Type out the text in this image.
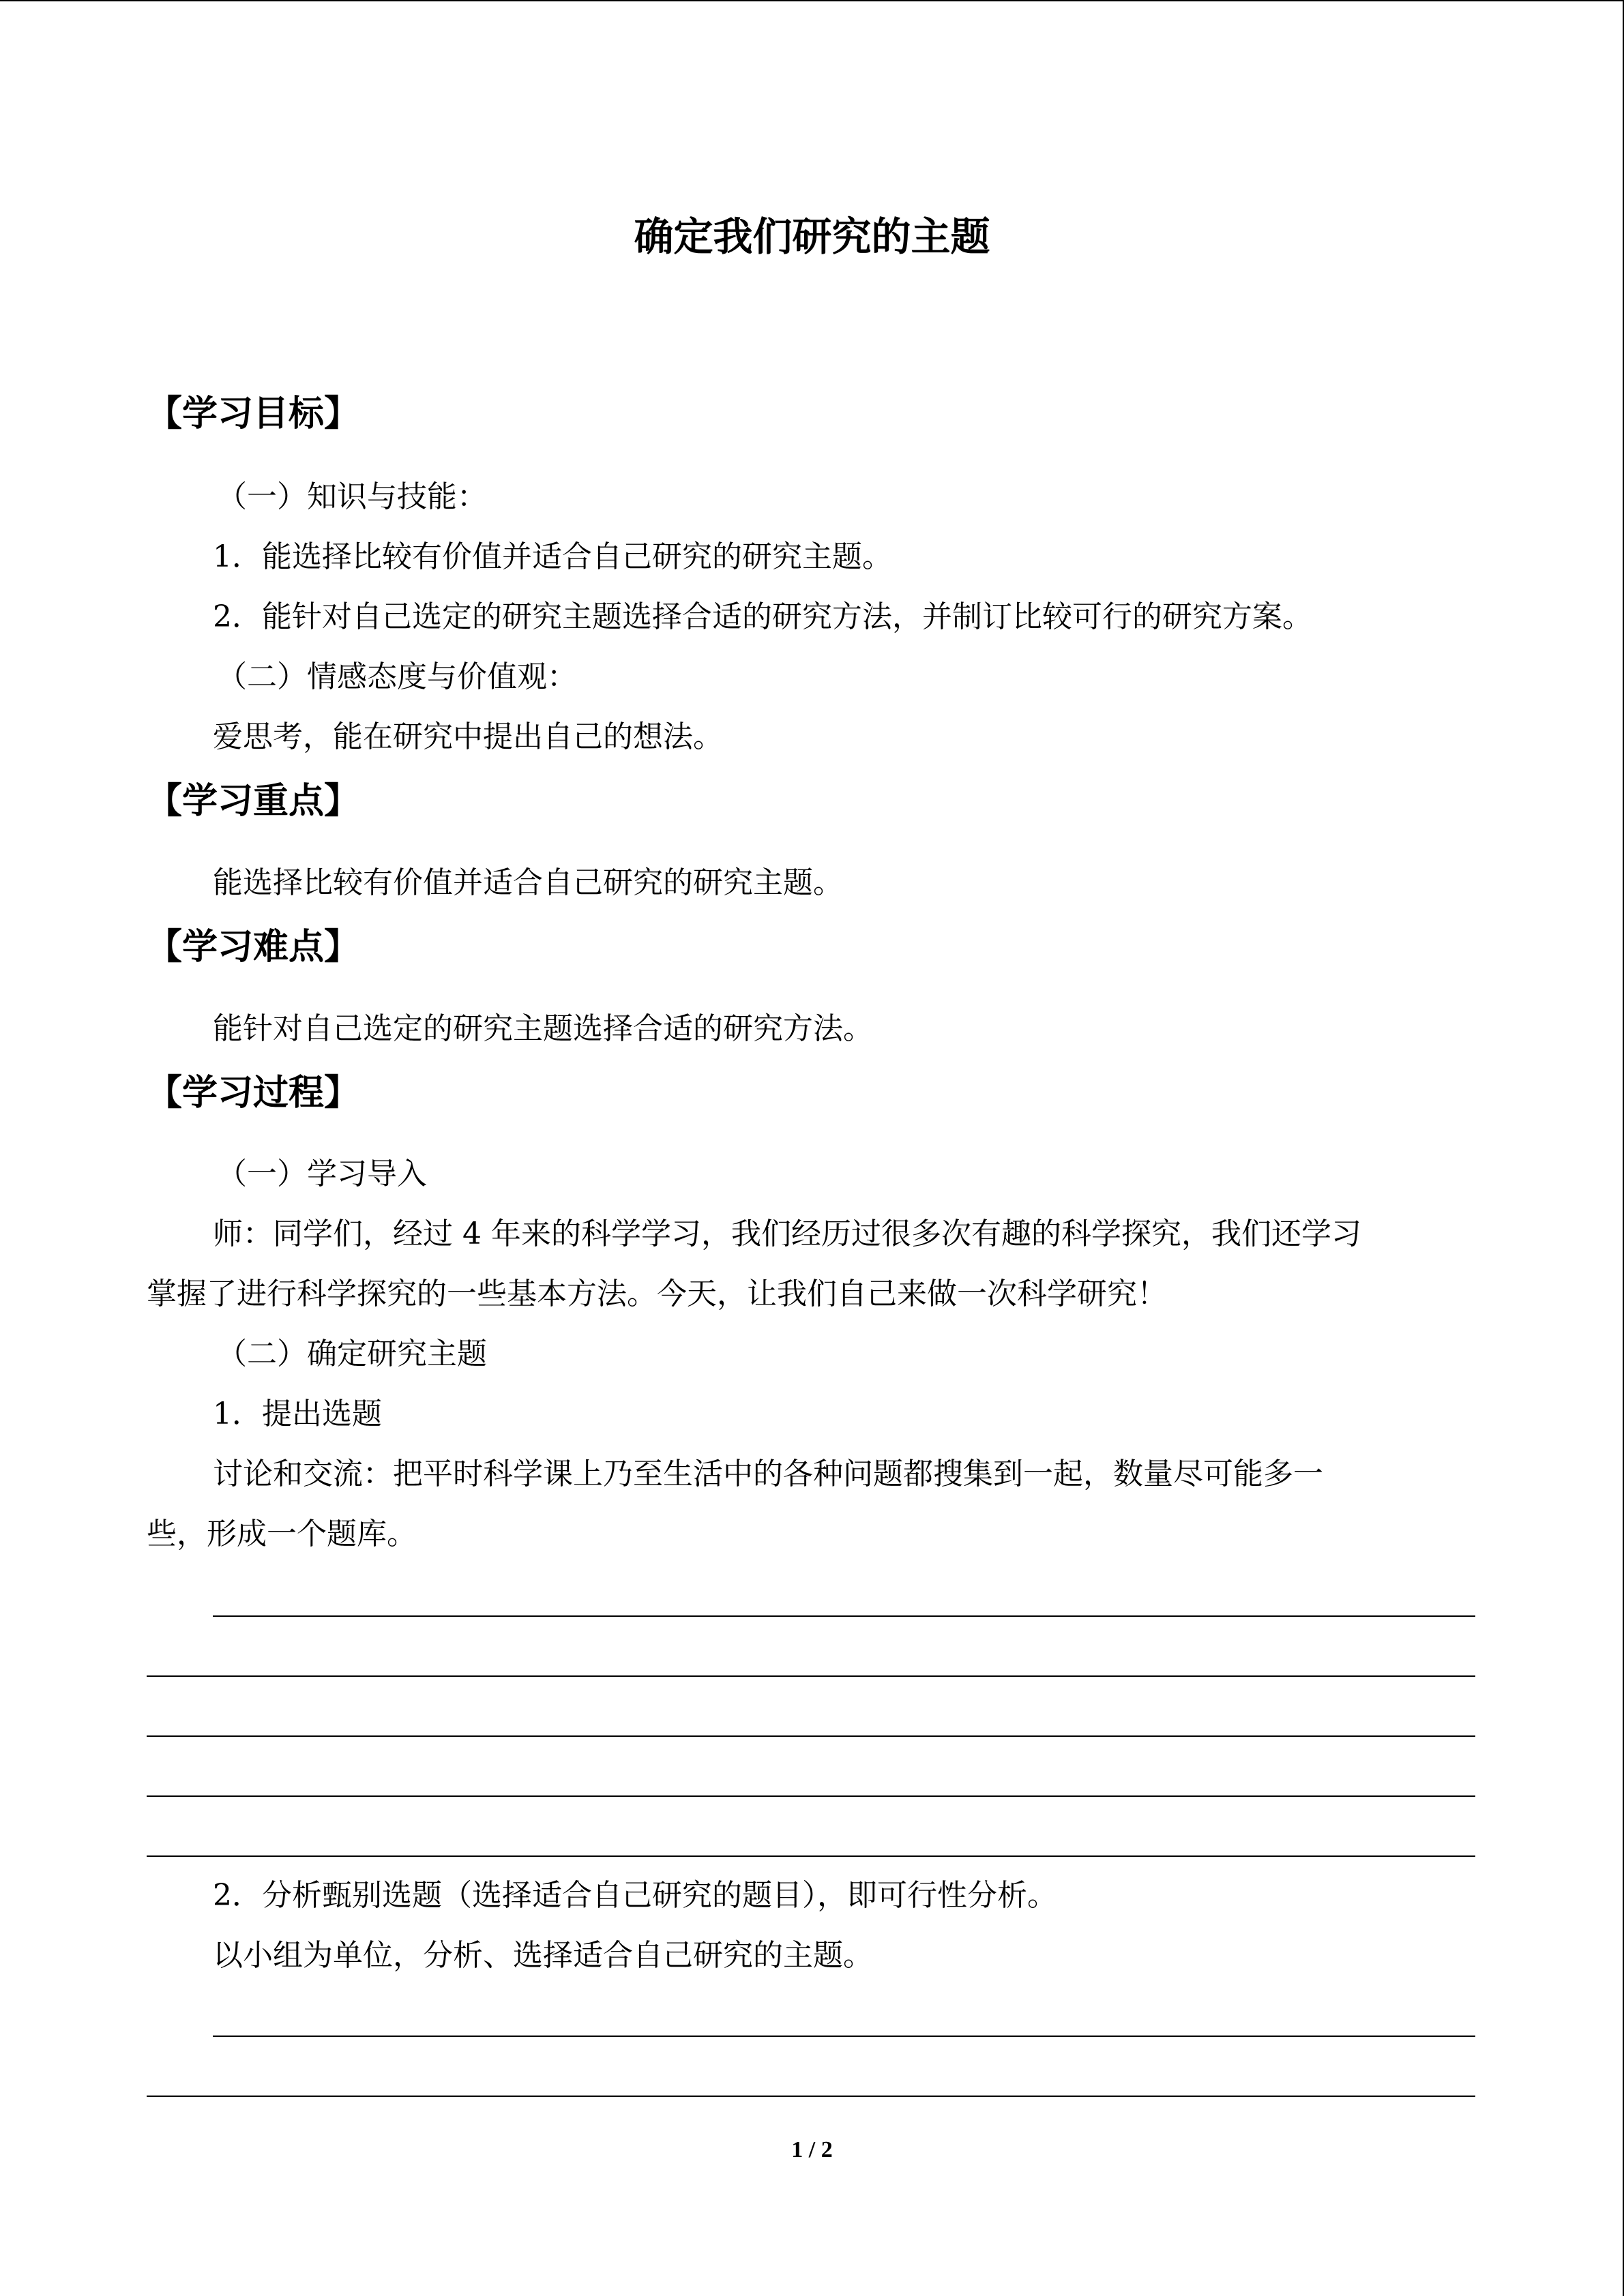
确定我们研究的主题
【学习目标】
（一）知识与技能：
1．能选择比较有价值并适合自己研究的研究主题。
2．能针对自己选定的研究主题选择合适的研究方法，并制订比较可行的研究方案。
（二）情感态度与价值观：
爱思考，能在研究中提出自己的想法。
【学习重点】
能选择比较有价值并适合自己研究的研究主题。
【学习难点】
能针对自己选定的研究主题选择合适的研究方法。
【学习过程】
（一）学习导入
师：同学们，经过 4 年来的科学学习，我们经历过很多次有趣的科学探究，我们还学习
掌握了进行科学探究的一些基本方法。今天，让我们自己来做一次科学研究！
（二）确定研究主题
1．提出选题
讨论和交流：把平时科学课上乃至生活中的各种问题都搜集到一起，数量尽可能多一
些，形成一个题库。
2．分析甄别选题（选择适合自己研究的题目），即可行性分析。
以小组为单位，分析、选择适合自己研究的主题。
1 / 2
